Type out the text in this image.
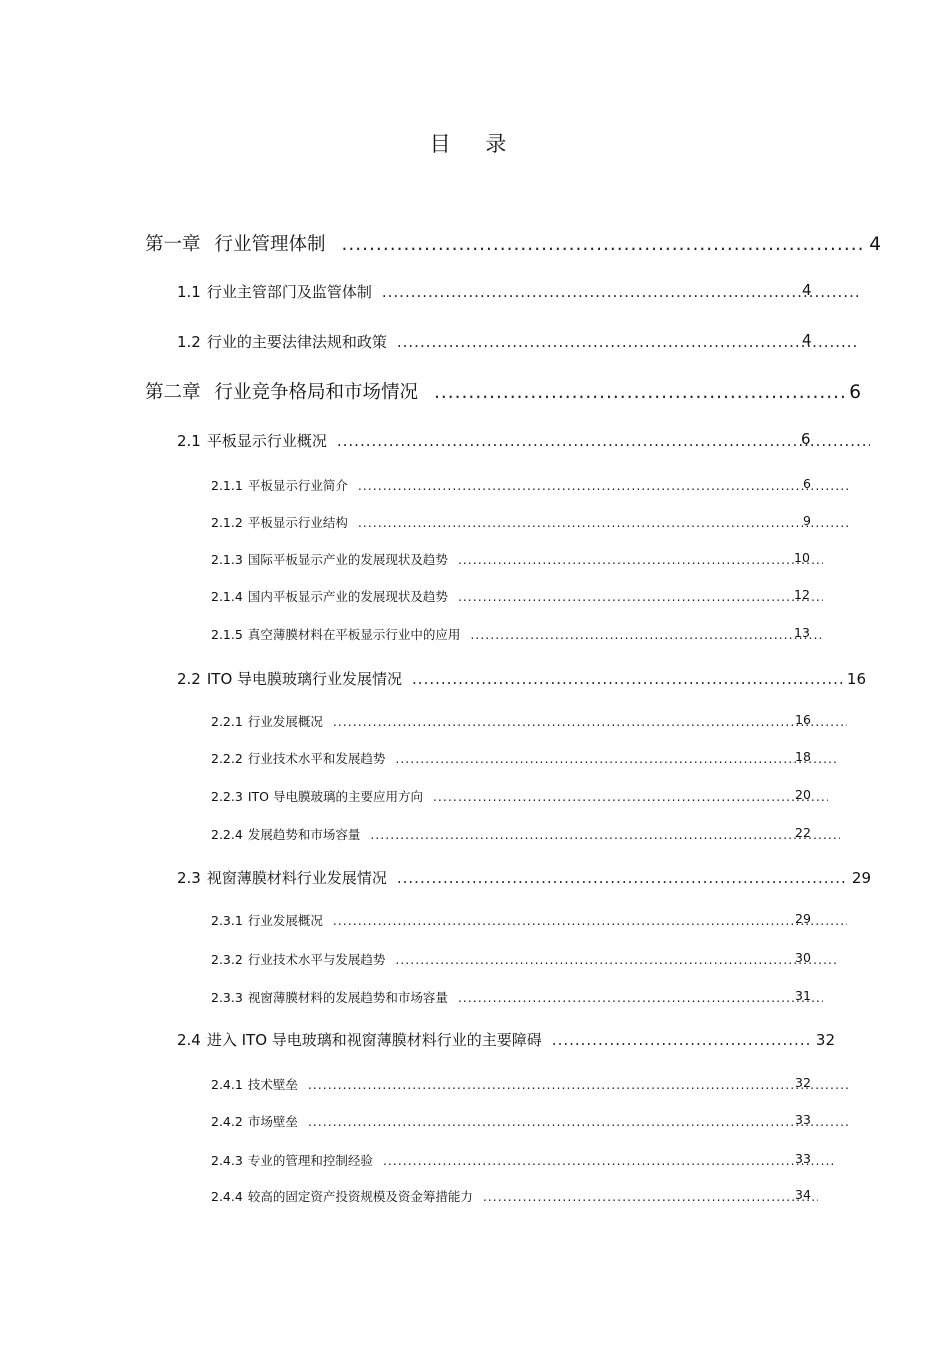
目 录
第一章 行业管理体制 .....	4
1.1 行业主管部门及监管体制 .....	4
1.2 行业的主要法律法规和政策 .....	4
第二章 行业竞争格局和市场情况 .....	6
2.1 平板显示行业概况 .....	6
2.1.1 平板显示行业简介 .....	6
2.1.2 平板显示行业结构 .....	9
2.1.3 国际平板显示产业的发展现状及趋势 .....	10
2.1.4 国内平板显示产业的发展现状及趋势 .....	12
2.1.5 真空薄膜材料在平板显示行业中的应用 .....	13
2.2 ITO 导电膜玻璃行业发展情况 .....	16
2.2.1 行业发展概况 .....	16
2.2.2 行业技术水平和发展趋势 .....	18
2.2.3 ITO 导电膜玻璃的主要应用方向 .....	20
2.2.4 发展趋势和市场容量 .....	22
2.3 视窗薄膜材料行业发展情况 .....	29
2.3.1 行业发展概况 .....	29
2.3.2 行业技术水平与发展趋势 .....	30
2.3.3 视窗薄膜材料的发展趋势和市场容量 .....	31
2.4 进入 ITO 导电玻璃和视窗薄膜材料行业的主要障碍 .....	32
2.4.1 技术壁垒 .....	32
2.4.2 市场壁垒 .....	33
2.4.3 专业的管理和控制经验 .....	33
2.4.4 较高的固定资产投资规模及资金筹措能力 .....	34
